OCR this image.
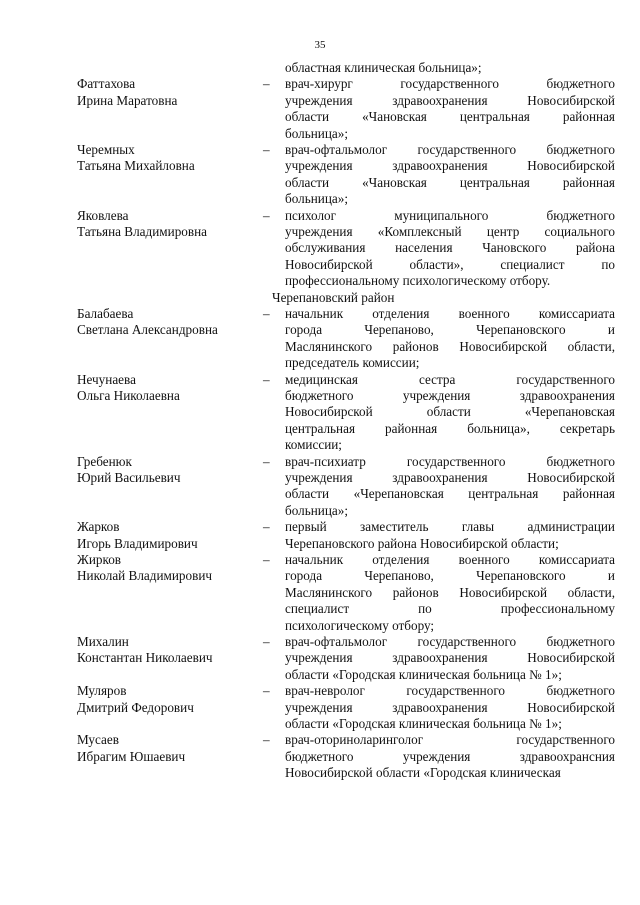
35
областная клиническая больница»;
Фаттахова
Ирина Маратовна
– врач-хирург государственного бюджетного
учреждения здравоохранения Новосибирской
области «Чановская центральная районная
больница»;
Черемных
Татьяна Михайловна
– врач-офтальмолог государственного бюджетного
учреждения здравоохранения Новосибирской
области «Чановская центральная районная
больница»;
Яковлева
Татьяна Владимировна
– психолог муниципального бюджетного
учреждения «Комплексный центр социального
обслуживания населения Чановского района
Новосибирской области», специалист по
профессиональному психологическому отбору.
Черепановский район
Балабаева
Светлана Александровна
– начальник отделения военного комиссариата
города Черепаново, Черепановского и
Маслянинского районов Новосибирской области,
председатель комиссии;
Нечунаева
Ольга Николаевна
– медицинская сестра государственного
бюджетного учреждения здравоохранения
Новосибирской области «Черепановская
центральная районная больница», секретарь
комиссии;
Гребенюк
Юрий Васильевич
– врач-психиатр государственного бюджетного
учреждения здравоохранения Новосибирской
области «Черепановская центральная районная
больница»;
Жарков
Игорь Владимирович
– первый заместитель главы администрации
Черепановского района Новосибирской области;
Жирков
Николай Владимирович
– начальник отделения военного комиссариата
города Черепаново, Черепановского и
Маслянинского районов Новосибирской области,
специалист по профессиональному
психологическому отбору;
Михалин
Константан Николаевич
– врач-офтальмолог государственного бюджетного
учреждения здравоохранения Новосибирской
области «Городская клиническая больница № 1»;
Муляров
Дмитрий Федорович
– врач-невролог государственного бюджетного
учреждения здравоохранения Новосибирской
области «Городская клиническая больница № 1»;
Мусаев
Ибрагим Юшаевич
– врач-оториноларинголог государственного
бюджетного учреждения здравоохрансния
Новосибирской области «Городская клиническая
